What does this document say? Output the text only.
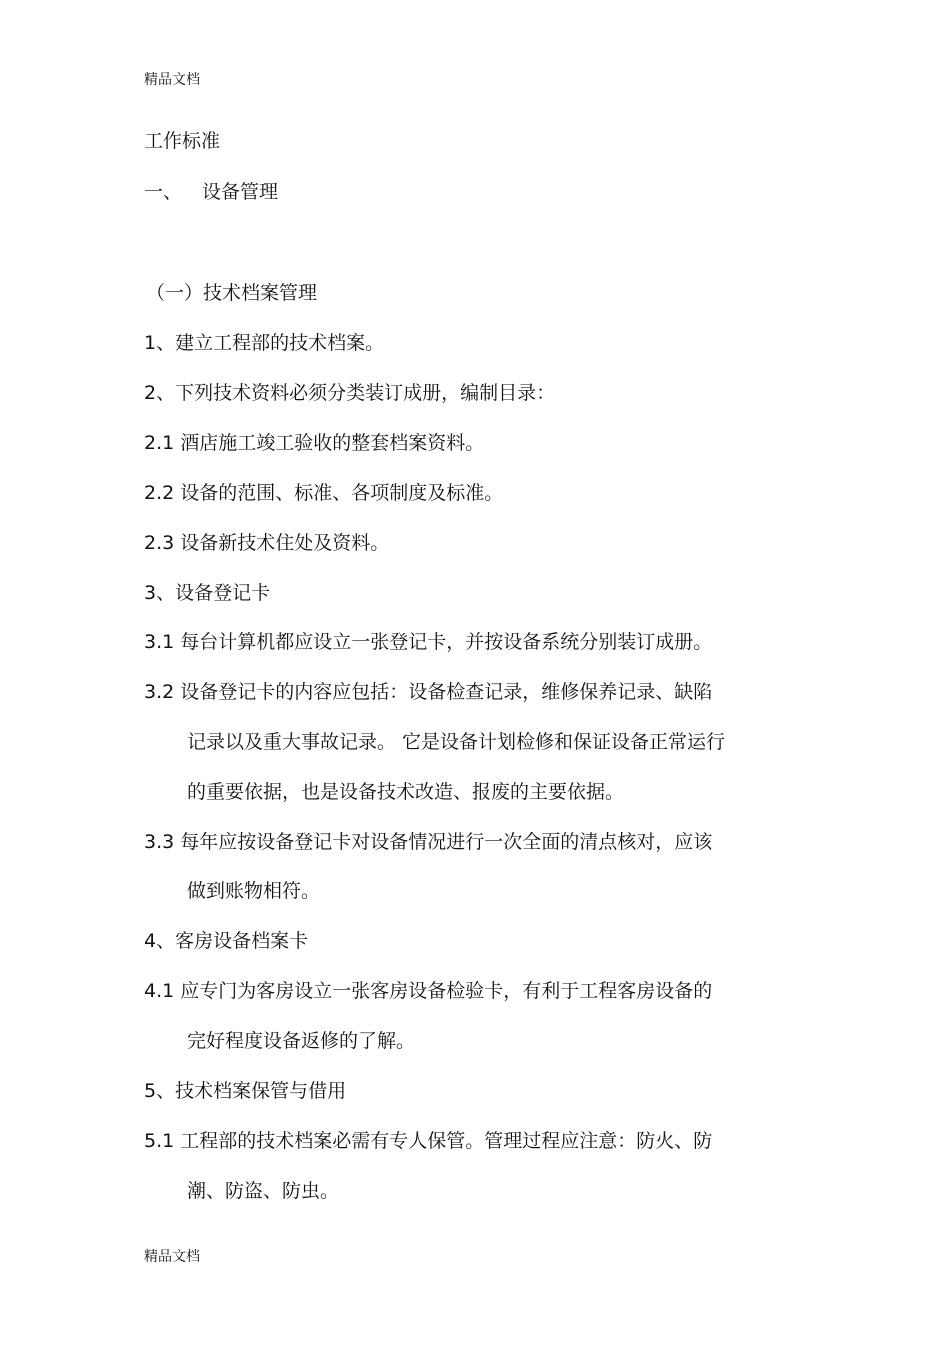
精品文档
工作标准
一、 设备管理
（一）技术档案管理
1、建立工程部的技术档案。
2、下列技术资料必须分类装订成册，编制目录：
2.1 酒店施工竣工验收的整套档案资料。
2.2 设备的范围、标准、各项制度及标准。
2.3 设备新技术住处及资料。
3、设备登记卡
3.1 每台计算机都应设立一张登记卡，并按设备系统分别装订成册。
3.2 设备登记卡的内容应包括：设备检查记录，维修保养记录、缺陷
记录以及重大事故记录。 它是设备计划检修和保证设备正常运行
的重要依据，也是设备技术改造、报废的主要依据。
3.3 每年应按设备登记卡对设备情况进行一次全面的清点核对，应该
做到账物相符。
4、客房设备档案卡
4.1 应专门为客房设立一张客房设备检验卡，有利于工程客房设备的
完好程度设备返修的了解。
5、技术档案保管与借用
5.1 工程部的技术档案必需有专人保管。管理过程应注意：防火、防
潮、防盗、防虫。
精品文档
